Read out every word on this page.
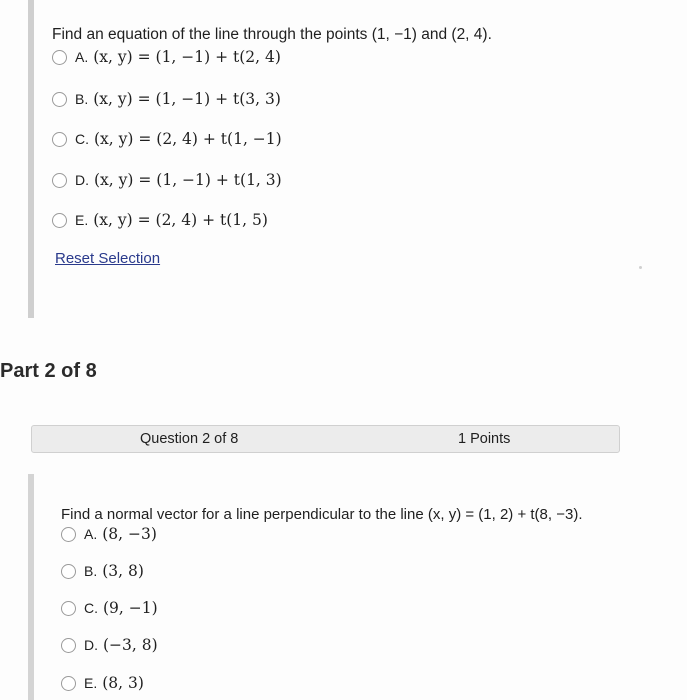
Find an equation of the line through the points (1, −1) and (2, 4).
A. (x, y) = (1, −1) + t(2, 4)
B. (x, y) = (1, −1) + t(3, 3)
C. (x, y) = (2, 4) + t(1, −1)
D. (x, y) = (1, −1) + t(1, 3)
E. (x, y) = (2, 4) + t(1, 5)
Reset Selection
Part 2 of 8
Question 2 of 8	1 Points
Find a normal vector for a line perpendicular to the line (x, y) = (1, 2) + t(8, −3).
A. (8, −3)
B. (3, 8)
C. (9, −1)
D. (−3, 8)
E. (8, 3)
